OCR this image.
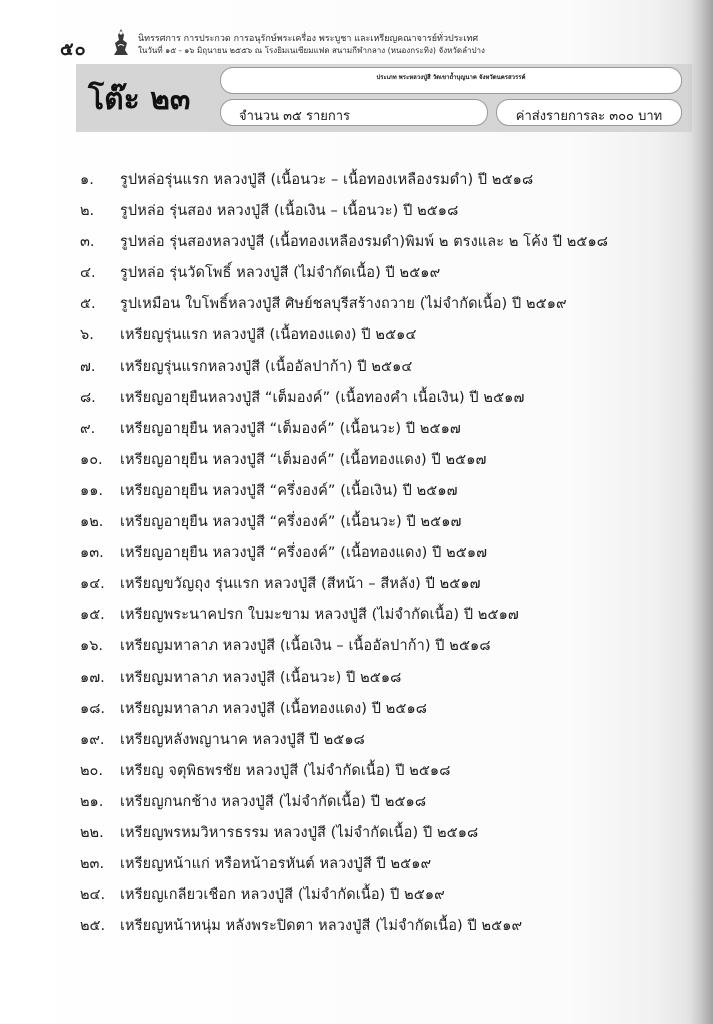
๕๐	นิทรรศการ การประกวด การอนุรักษ์พระเครื่อง พระบูชา และเหรียญคณาจารย์ทั่วประเทศ
ในวันที่ ๑๕ - ๑๖ มิถุนายน ๒๕๕๖ ณ โรงยิมเนเซียมแฟด สนามกีฬากลาง (หนองกระทิง) จังหวัดลำปาง
โต๊ะ ๒๓
ประเภท พระหลวงปู่สี วัดเขาถ้ำบุญนาค จังหวัดนครสวรรค์
จำนวน ๓๕ รายการ	ค่าส่งรายการละ ๓๐๐ บาท
๑. รูปหล่อรุ่นแรก หลวงปู่สี (เนื้อนวะ – เนื้อทองเหลืองรมดำ) ปี ๒๕๑๘
๒. รูปหล่อ รุ่นสอง หลวงปู่สี (เนื้อเงิน – เนื้อนวะ) ปี ๒๕๑๘
๓. รูปหล่อ รุ่นสองหลวงปู่สี (เนื้อทองเหลืองรมดำ)พิมพ์ ๒ ตรงและ ๒ โค้ง ปี ๒๕๑๘
๔. รูปหล่อ รุ่นวัดโพธิ์ หลวงปู่สี (ไม่จำกัดเนื้อ) ปี ๒๕๑๙
๕. รูปเหมือน ใบโพธิ์หลวงปู่สี ศิษย์ชลบุรีสร้างถวาย (ไม่จำกัดเนื้อ) ปี ๒๕๑๙
๖. เหรียญรุ่นแรก หลวงปู่สี (เนื้อทองแดง) ปี ๒๕๑๔
๗. เหรียญรุ่นแรกหลวงปู่สี (เนื้ออัลปาก้า) ปี ๒๕๑๔
๘. เหรียญอายุยืนหลวงปู่สี “เต็มองค์” (เนื้อทองคำ เนื้อเงิน) ปี ๒๕๑๗
๙. เหรียญอายุยืน หลวงปู่สี “เต็มองค์” (เนื้อนวะ) ปี ๒๕๑๗
๑๐. เหรียญอายุยืน หลวงปู่สี “เต็มองค์” (เนื้อทองแดง) ปี ๒๕๑๗
๑๑. เหรียญอายุยืน หลวงปู่สี “ครึ่งองค์” (เนื้อเงิน) ปี ๒๕๑๗
๑๒. เหรียญอายุยืน หลวงปู่สี “ครึ่งองค์” (เนื้อนวะ) ปี ๒๕๑๗
๑๓. เหรียญอายุยืน หลวงปู่สี “ครึ่งองค์” (เนื้อทองแดง) ปี ๒๕๑๗
๑๔. เหรียญขวัญถุง รุ่นแรก หลวงปู่สี (สีหน้า – สีหลัง) ปี ๒๕๑๗
๑๕. เหรียญพระนาคปรก ใบมะขาม หลวงปู่สี (ไม่จำกัดเนื้อ) ปี ๒๕๑๗
๑๖. เหรียญมหาลาภ หลวงปู่สี (เนื้อเงิน – เนื้ออัลปาก้า) ปี ๒๕๑๘
๑๗. เหรียญมหาลาภ หลวงปู่สี (เนื้อนวะ) ปี ๒๕๑๘
๑๘. เหรียญมหาลาภ หลวงปู่สี (เนื้อทองแดง) ปี ๒๕๑๘
๑๙. เหรียญหลังพญานาค หลวงปู่สี ปี ๒๕๑๘
๒๐. เหรียญ จตุพิธพรชัย หลวงปู่สี (ไม่จำกัดเนื้อ) ปี ๒๕๑๘
๒๑. เหรียญกนกช้าง หลวงปู่สี (ไม่จำกัดเนื้อ) ปี ๒๕๑๘
๒๒. เหรียญพรหมวิหารธรรม หลวงปู่สี (ไม่จำกัดเนื้อ) ปี ๒๕๑๘
๒๓. เหรียญหน้าแก่ หรือหน้าอรหันต์ หลวงปู่สี ปี ๒๕๑๙
๒๔. เหรียญเกลียวเชือก หลวงปู่สี (ไม่จำกัดเนื้อ) ปี ๒๕๑๙
๒๕. เหรียญหน้าหนุ่ม หลังพระปิดตา หลวงปู่สี (ไม่จำกัดเนื้อ) ปี ๒๕๑๙
